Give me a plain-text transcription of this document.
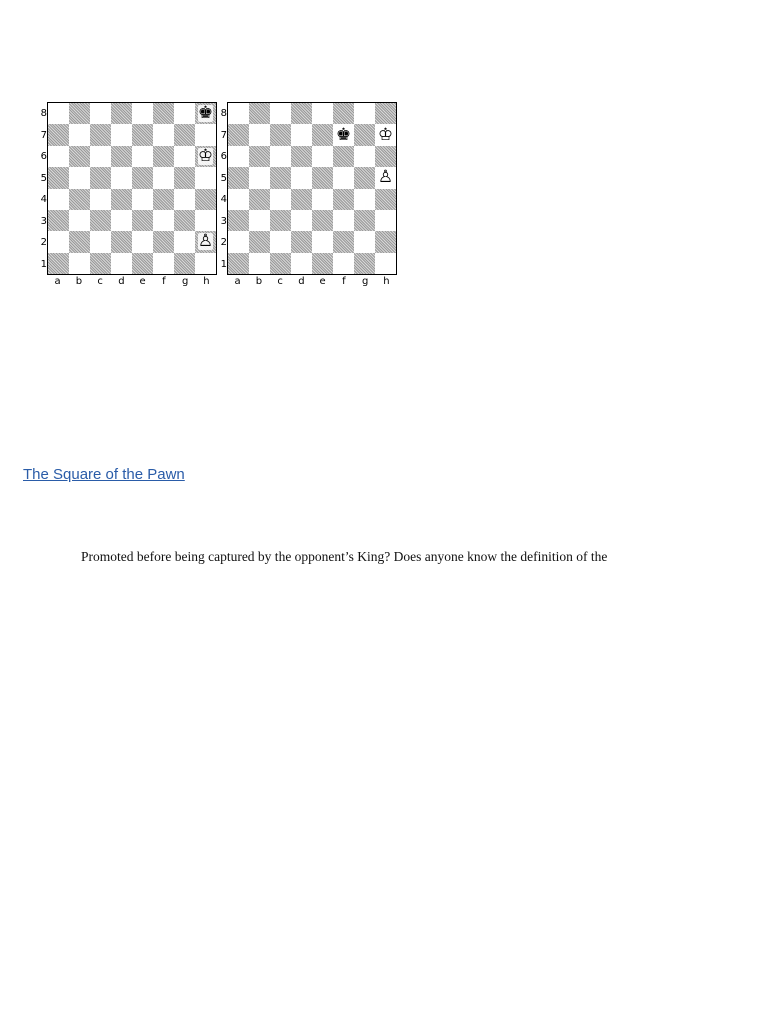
8
7
6
5
4
3
2
1
♚
♔
♙
a	b	c	d	e	f	g	h
8
7
6
5
4
3
2
1
♚ ♔
♙
a	b	c	d	e	f	g	h
The Square of the Pawn
Promoted before being captured by the opponent’s King? Does anyone know the definition of the
